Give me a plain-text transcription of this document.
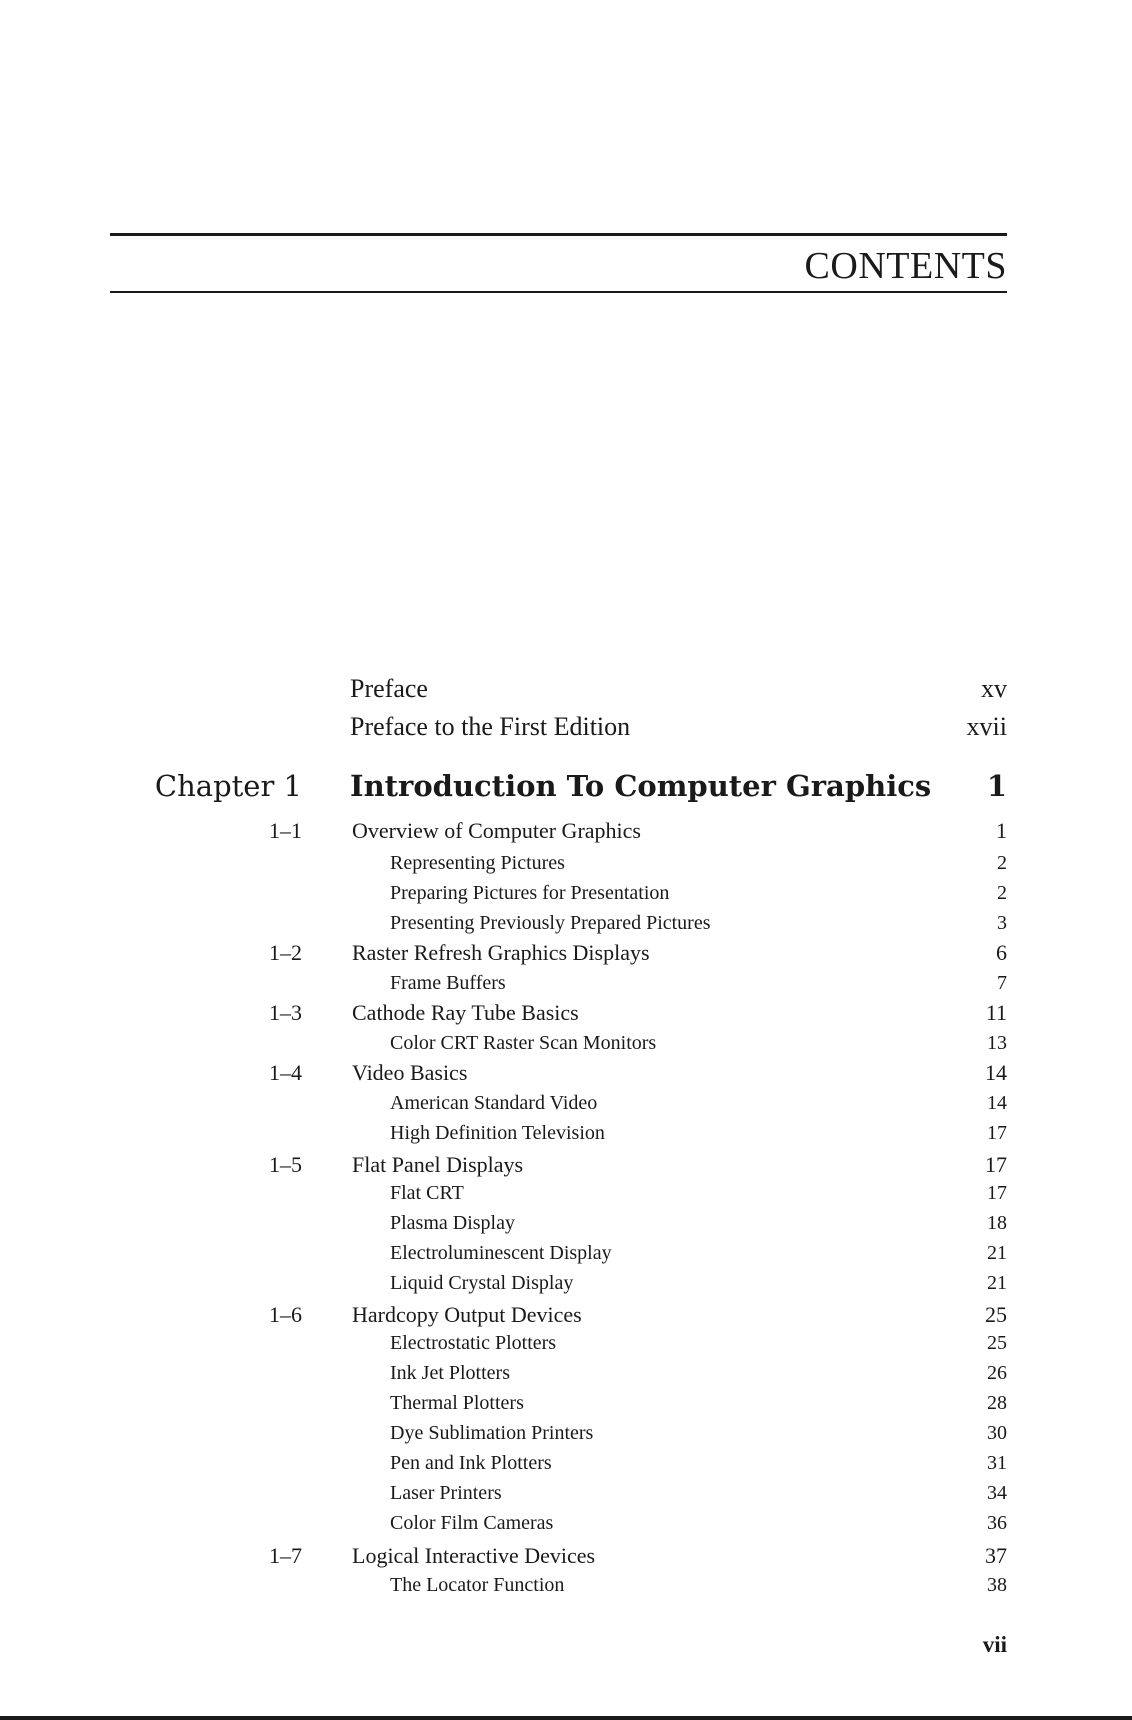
CONTENTS
Preface	xv
Preface to the First Edition	xvii
Chapter 1 Introduction To Computer Graphics 1
1–1 Overview of Computer Graphics	1
Representing Pictures	2
Preparing Pictures for Presentation	2
Presenting Previously Prepared Pictures	3
1–2 Raster Refresh Graphics Displays	6
Frame Buffers	7
1–3 Cathode Ray Tube Basics	11
Color CRT Raster Scan Monitors	13
1–4 Video Basics	14
American Standard Video	14
High Definition Television	17
1–5 Flat Panel Displays	17
Flat CRT	17
Plasma Display	18
Electroluminescent Display	21
Liquid Crystal Display	21
1–6 Hardcopy Output Devices	25
Electrostatic Plotters	25
Ink Jet Plotters	26
Thermal Plotters	28
Dye Sublimation Printers	30
Pen and Ink Plotters	31
Laser Printers	34
Color Film Cameras	36
1–7 Logical Interactive Devices	37
The Locator Function	38
vii
